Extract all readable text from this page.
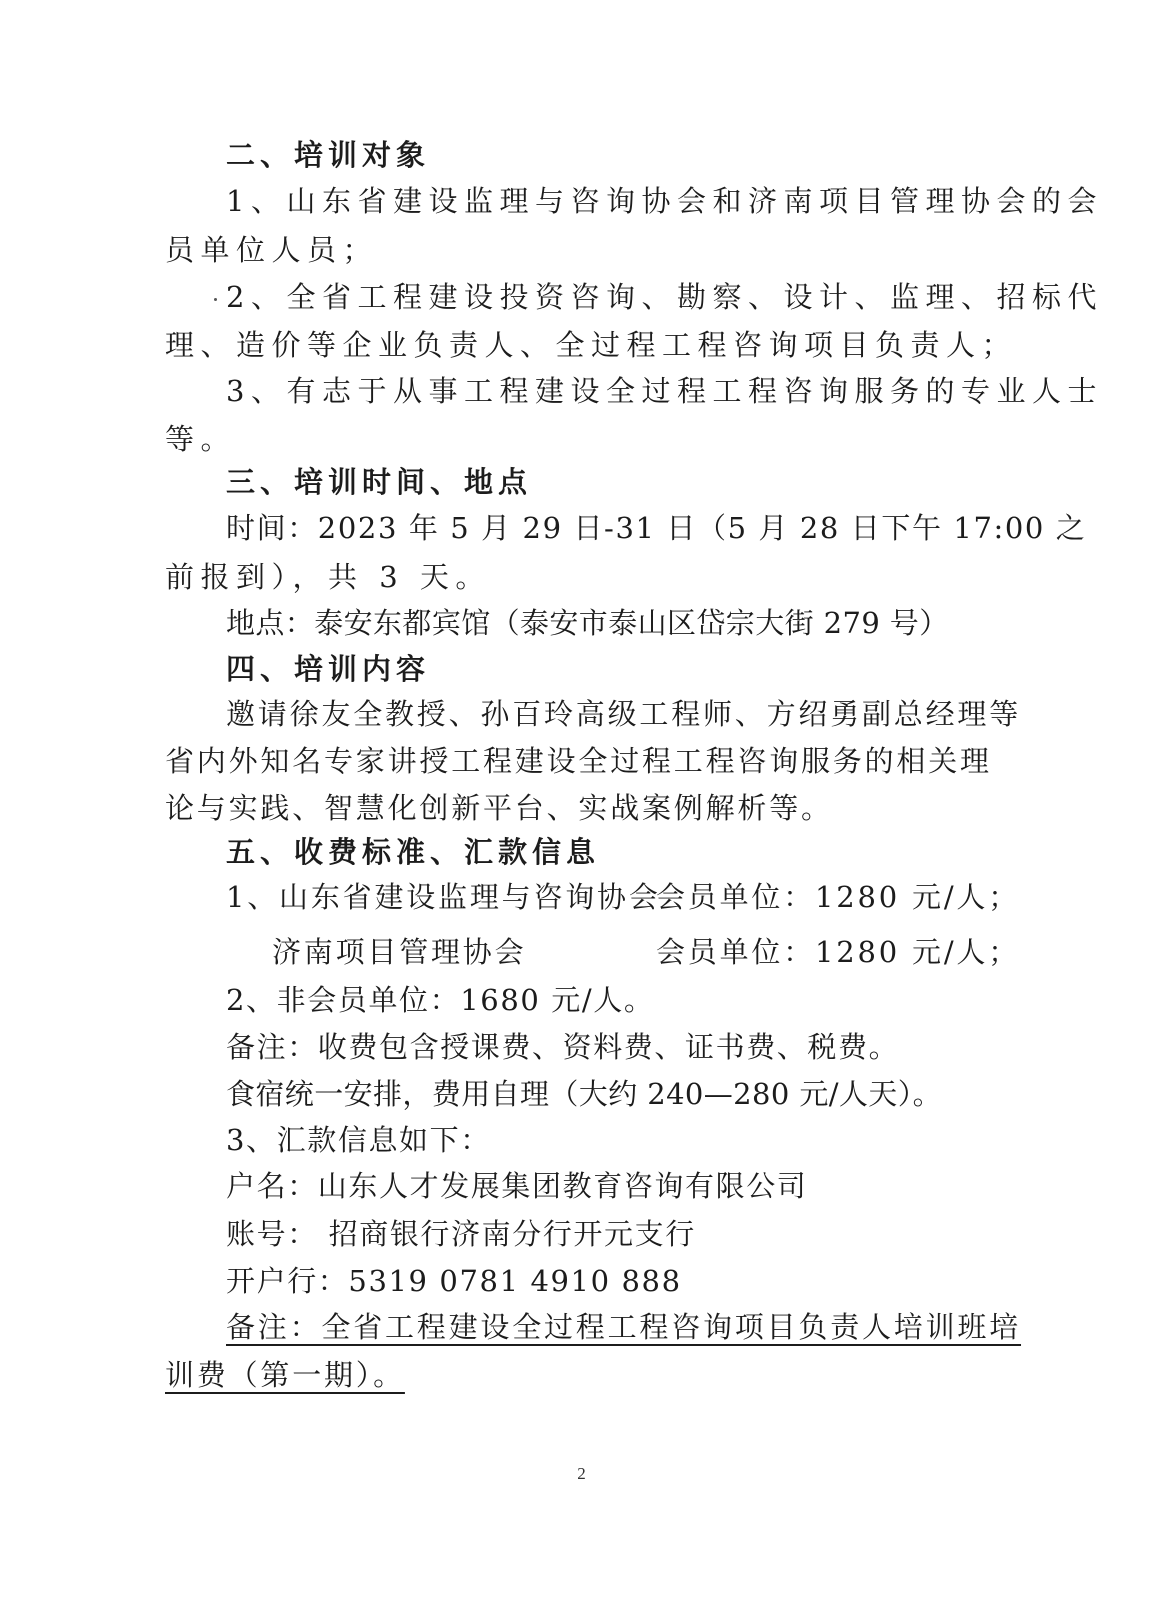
二、培训对象
1、山东省建设监理与咨询协会和济南项目管理协会的会
员单位人员；
2、全省工程建设投资咨询、勘察、设计、监理、招标代
理、造价等企业负责人、全过程工程咨询项目负责人；
3、有志于从事工程建设全过程工程咨询服务的专业人士
等。
三、培训时间、地点
时间：2023 年 5 月 29 日-31 日（5 月 28 日下午 17:00 之
前报到），共 3 天。
地点：泰安东都宾馆（泰安市泰山区岱宗大街 279 号）
四、培训内容
邀请徐友全教授、孙百玲高级工程师、方绍勇副总经理等
省内外知名专家讲授工程建设全过程工程咨询服务的相关理
论与实践、智慧化创新平台、实战案例解析等。
五、收费标准、汇款信息
1、山东省建设监理与咨询协会
会员单位：1280 元/人；
济南项目管理协会	会员单位：1280 元/人；
2、非会员单位：1680 元/人。
备注：收费包含授课费、资料费、证书费、税费。
食宿统一安排，费用自理（大约 240—280 元/人天）。
3、汇款信息如下：
户名：山东人才发展集团教育咨询有限公司
账号： 招商银行济南分行开元支行
开户行：5319 0781 4910 888
备注：全省工程建设全过程工程咨询项目负责人培训班培
训费（第一期）。
2
